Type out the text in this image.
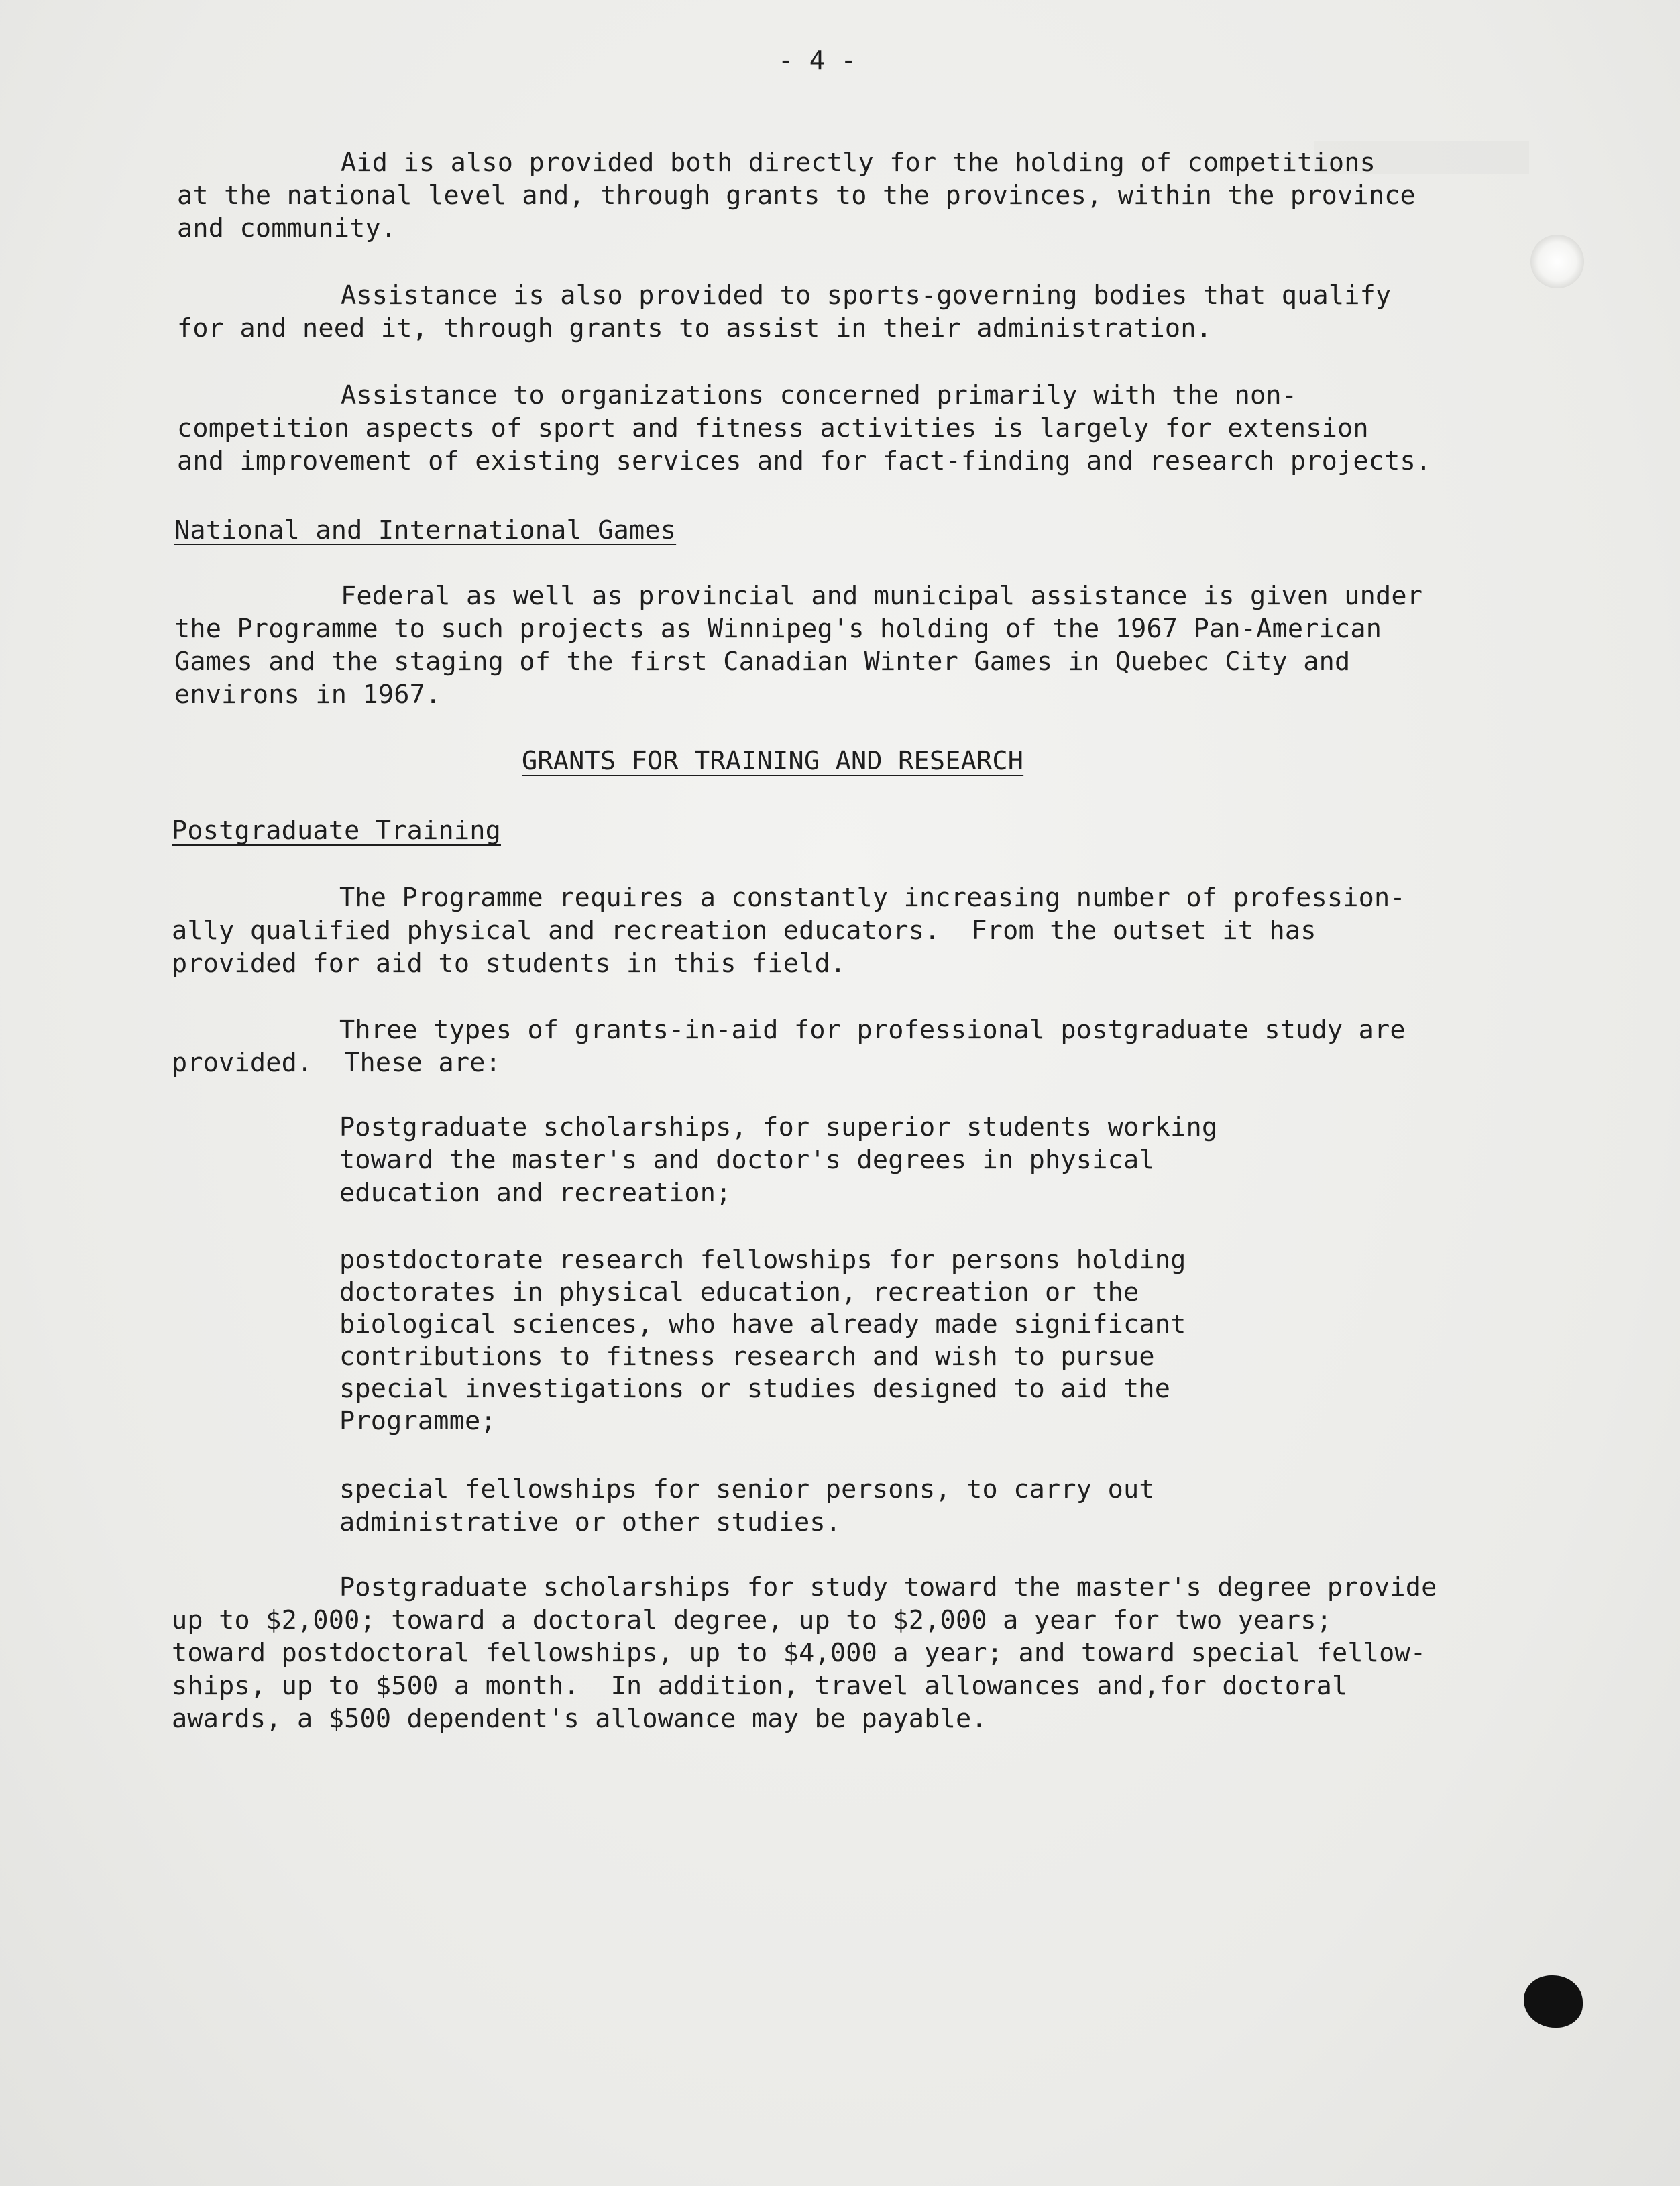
- 4 -
Aid is also provided both directly for the holding of competitions
at the national level and, through grants to the provinces, within the province
and community.
Assistance is also provided to sports-governing bodies that qualify
for and need it, through grants to assist in their administration.
Assistance to organizations concerned primarily with the non-
competition aspects of sport and fitness activities is largely for extension
and improvement of existing services and for fact-finding and research projects.
National and International Games
Federal as well as provincial and municipal assistance is given under
the Programme to such projects as Winnipeg's holding of the 1967 Pan-American
Games and the staging of the first Canadian Winter Games in Quebec City and
environs in 1967.
GRANTS FOR TRAINING AND RESEARCH
Postgraduate Training
The Programme requires a constantly increasing number of profession-
ally qualified physical and recreation educators.  From the outset it has
provided for aid to students in this field.
Three types of grants-in-aid for professional postgraduate study are
provided.  These are:
Postgraduate scholarships, for superior students working
toward the master's and doctor's degrees in physical
education and recreation;
postdoctorate research fellowships for persons holding
doctorates in physical education, recreation or the
biological sciences, who have already made significant
contributions to fitness research and wish to pursue
special investigations or studies designed to aid the
Programme;
special fellowships for senior persons, to carry out
administrative or other studies.
Postgraduate scholarships for study toward the master's degree provide
up to $2,000; toward a doctoral degree, up to $2,000 a year for two years;
toward postdoctoral fellowships, up to $4,000 a year; and toward special fellow-
ships, up to $500 a month.  In addition, travel allowances and,for doctoral
awards, a $500 dependent's allowance may be payable.
